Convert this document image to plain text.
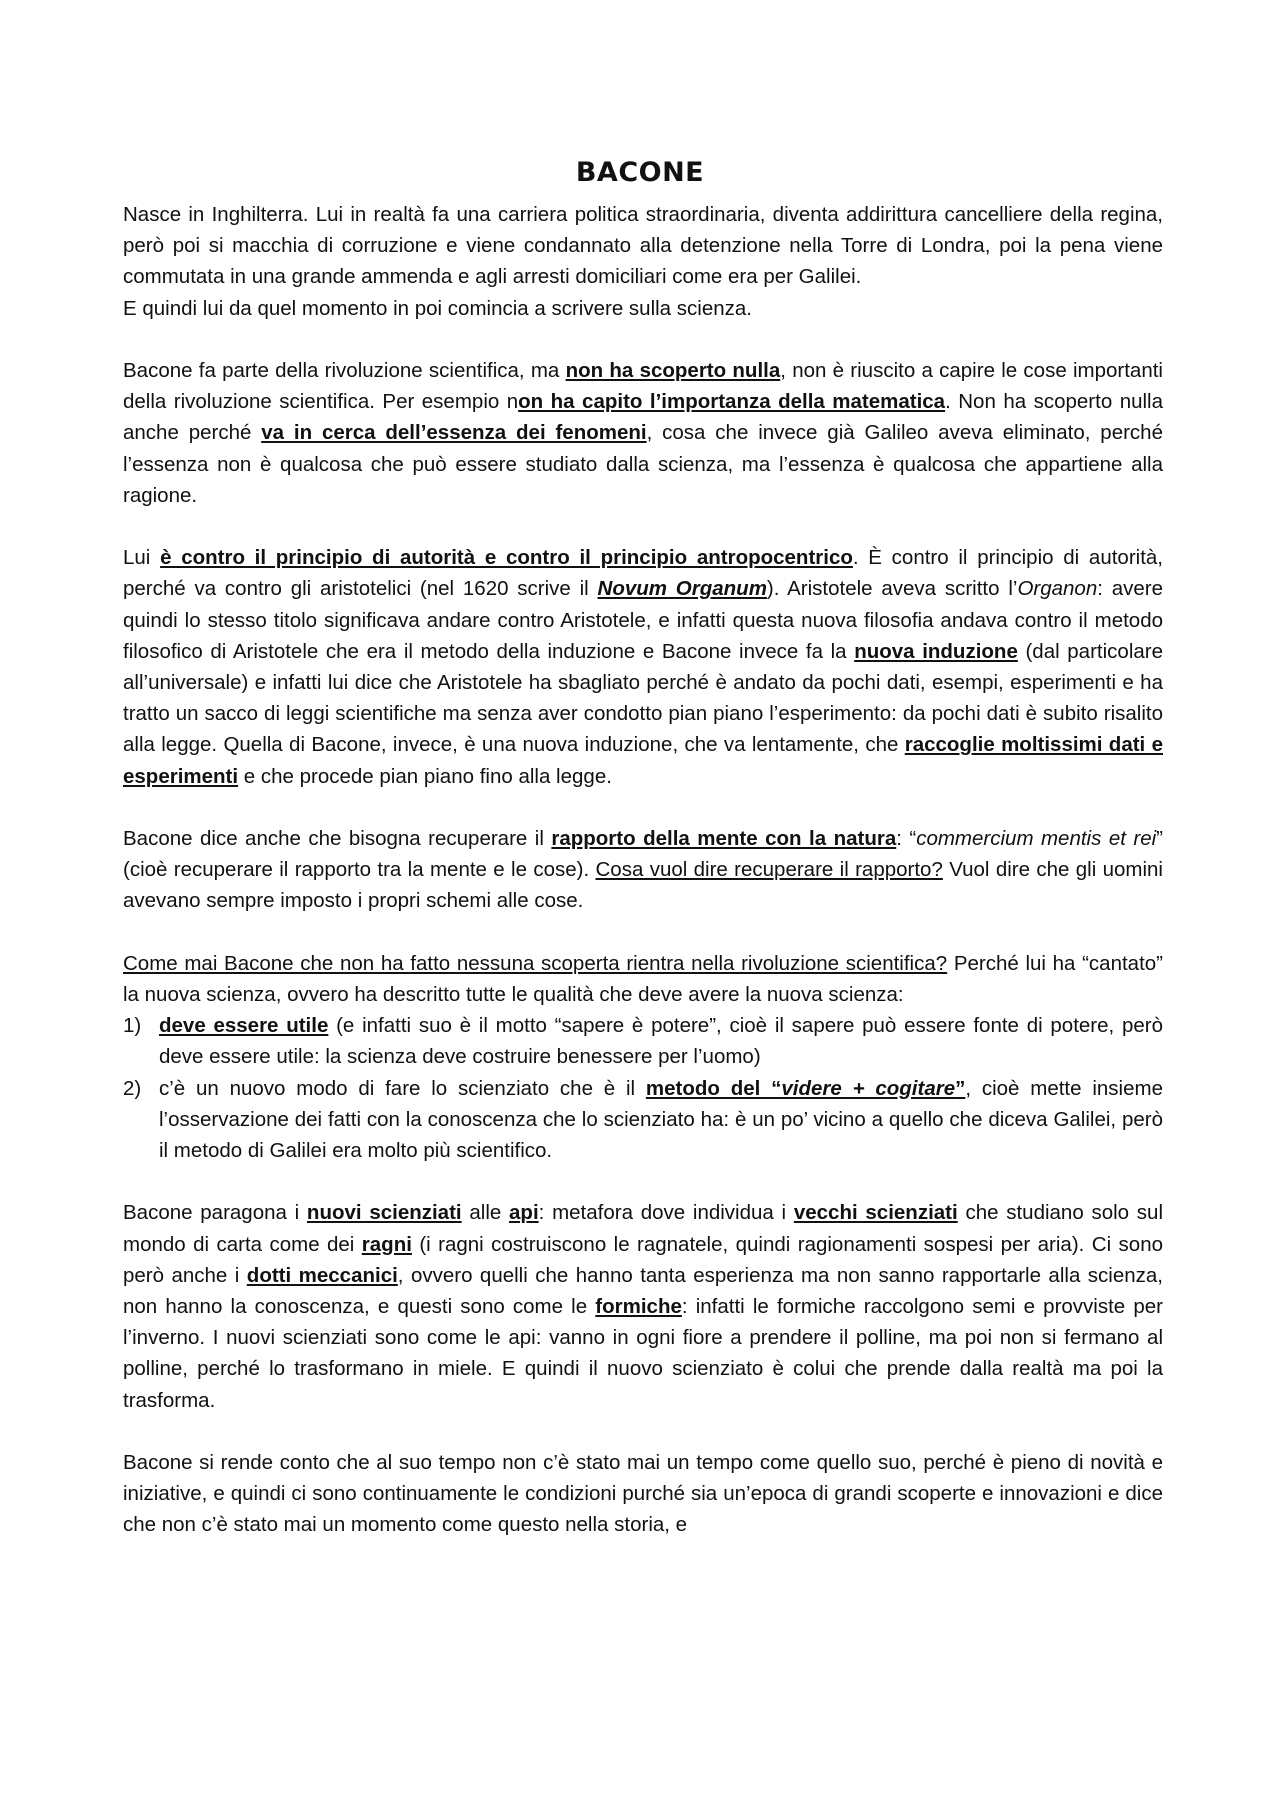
BACONE

Nasce in Inghilterra. Lui in realtà fa una carriera politica straordinaria, diventa addirittura cancelliere della regina, però poi si macchia di corruzione e viene condannato alla detenzione nella Torre di Londra, poi la pena viene commutata in una grande ammenda e agli arresti domiciliari come era per Galilei.

E quindi lui da quel momento in poi comincia a scrivere sulla scienza.

Bacone fa parte della rivoluzione scientifica, ma non ha scoperto nulla, non è riuscito a capire le cose importanti della rivoluzione scientifica. Per esempio non ha capito l’importanza della matematica. Non ha scoperto nulla anche perché va in cerca dell’essenza dei fenomeni, cosa che invece già Galileo aveva eliminato, perché l’essenza non è qualcosa che può essere studiato dalla scienza, ma l’essenza è qualcosa che appartiene alla ragione.

Lui è contro il principio di autorità e contro il principio antropocentrico. È contro il principio di autorità, perché va contro gli aristotelici (nel 1620 scrive il Novum Organum). Aristotele aveva scritto l’Organon: avere quindi lo stesso titolo significava andare contro Aristotele, e infatti questa nuova filosofia andava contro il metodo filosofico di Aristotele che era il metodo della induzione e Bacone invece fa la nuova induzione (dal particolare all’universale) e infatti lui dice che Aristotele ha sbagliato perché è andato da pochi dati, esempi, esperimenti e ha tratto un sacco di leggi scientifiche ma senza aver condotto pian piano l’esperimento: da pochi dati è subito risalito alla legge. Quella di Bacone, invece, è una nuova induzione, che va lentamente, che raccoglie moltissimi dati e esperimenti e che procede pian piano fino alla legge.

Bacone dice anche che bisogna recuperare il rapporto della mente con la natura: “commercium mentis et rei” (cioè recuperare il rapporto tra la mente e le cose). Cosa vuol dire recuperare il rapporto? Vuol dire che gli uomini avevano sempre imposto i propri schemi alle cose.

Come mai Bacone che non ha fatto nessuna scoperta rientra nella rivoluzione scientifica? Perché lui ha “cantato” la nuova scienza, ovvero ha descritto tutte le qualità che deve avere la nuova scienza:

1) deve essere utile (e infatti suo è il motto “sapere è potere”, cioè il sapere può essere fonte di potere, però deve essere utile: la scienza deve costruire benessere per l’uomo)
2) c’è un nuovo modo di fare lo scienziato che è il metodo del “videre + cogitare”, cioè mette insieme l’osservazione dei fatti con la conoscenza che lo scienziato ha: è un po’ vicino a quello che diceva Galilei, però il metodo di Galilei era molto più scientifico.

Bacone paragona i nuovi scienziati alle api: metafora dove individua i vecchi scienziati che studiano solo sul mondo di carta come dei ragni (i ragni costruiscono le ragnatele, quindi ragionamenti sospesi per aria). Ci sono però anche i dotti meccanici, ovvero quelli che hanno tanta esperienza ma non sanno rapportarle alla scienza, non hanno la conoscenza, e questi sono come le formiche: infatti le formiche raccolgono semi e provviste per l’inverno. I nuovi scienziati sono come le api: vanno in ogni fiore a prendere il polline, ma poi non si fermano al polline, perché lo trasformano in miele. E quindi il nuovo scienziato è colui che prende dalla realtà ma poi la trasforma.

Bacone si rende conto che al suo tempo non c’è stato mai un tempo come quello suo, perché è pieno di novità e iniziative, e quindi ci sono continuamente le condizioni purché sia un’epoca di grandi scoperte e innovazioni e dice che non c’è stato mai un momento come questo nella storia, e
